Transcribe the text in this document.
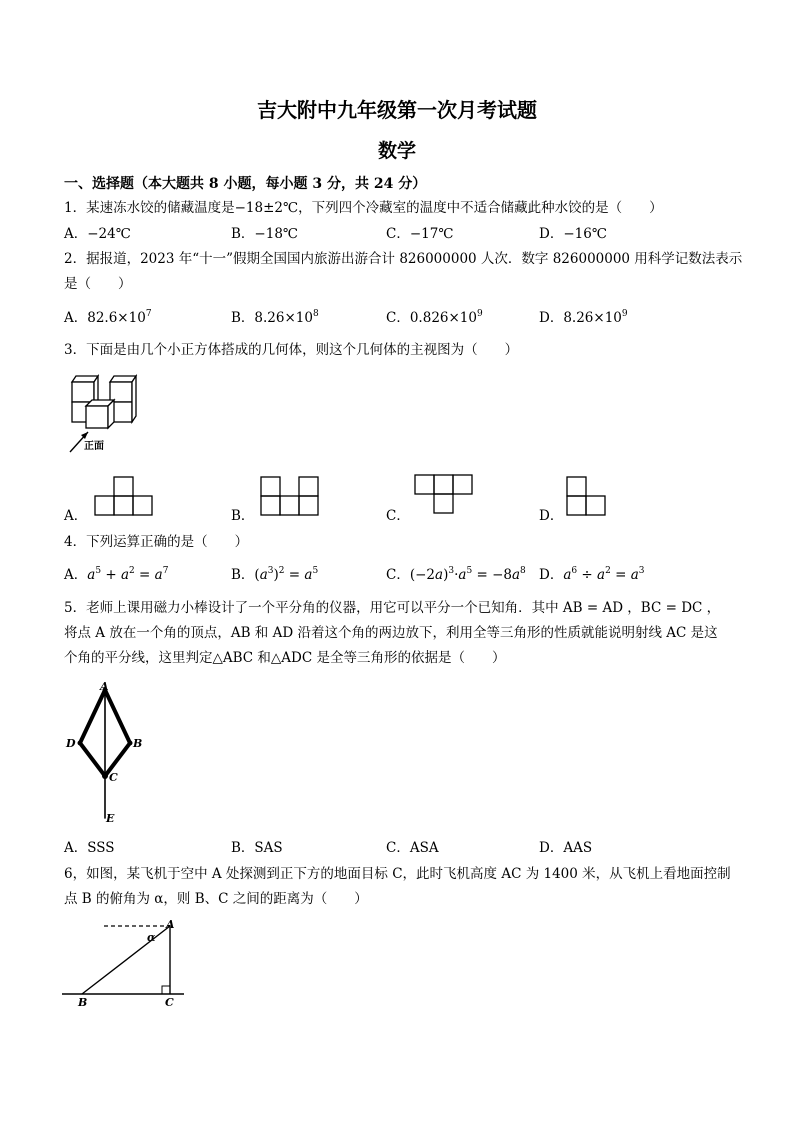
吉大附中九年级第一次月考试题
数学
一、选择题（本大题共 8 小题，每小题 3 分，共 24 分）
1．某速冻水饺的储藏温度是−18±2℃，下列四个冷藏室的温度中不适合储藏此种水饺的是（　　）
A．−24℃	B．−18℃	C．−17℃	D．−16℃
2．据报道，2023 年“十一”假期全国国内旅游出游合计 826000000 人次．数字 826000000 用科学记数法表示
是（　　）
A．$82.6\times 10^7$	B．$8.26\times 10^8$	C．$0.826\times 10^9$	D．$8.26\times 10^9$
3．下面是由几个小正方体搭成的几何体，则这个几何体的主视图为（　　）
正面
A．	B．	C．	D．
4．下列运算正确的是（　　）
A．$a^5 + a^2 = a^7$	B．$(a^3)^2 = a^5$	C．$(-2a)^3\cdot a^5 = -8a^8$ D．$a^6 \div a^2 = a^3$
5．老师上课用磁力小棒设计了一个平分角的仪器，用它可以平分一个已知角．其中 AB = AD ，BC = DC ，
将点 A 放在一个角的顶点，AB 和 AD 沿着这个角的两边放下，利用全等三角形的性质就能说明射线 AC 是这
个角的平分线，这里判定△ABC 和△ADC 是全等三角形的依据是（　　）
A
B
C
D
E
A．SSS	B．SAS	C．ASA	D．AAS
6，如图，某飞机于空中 A 处探测到正下方的地面目标 C，此时飞机高度 AC 为 1400 米，从飞机上看地面控制
点 B 的俯角为 α，则 B、C 之间的距离为（　　）
A
B	C
α
